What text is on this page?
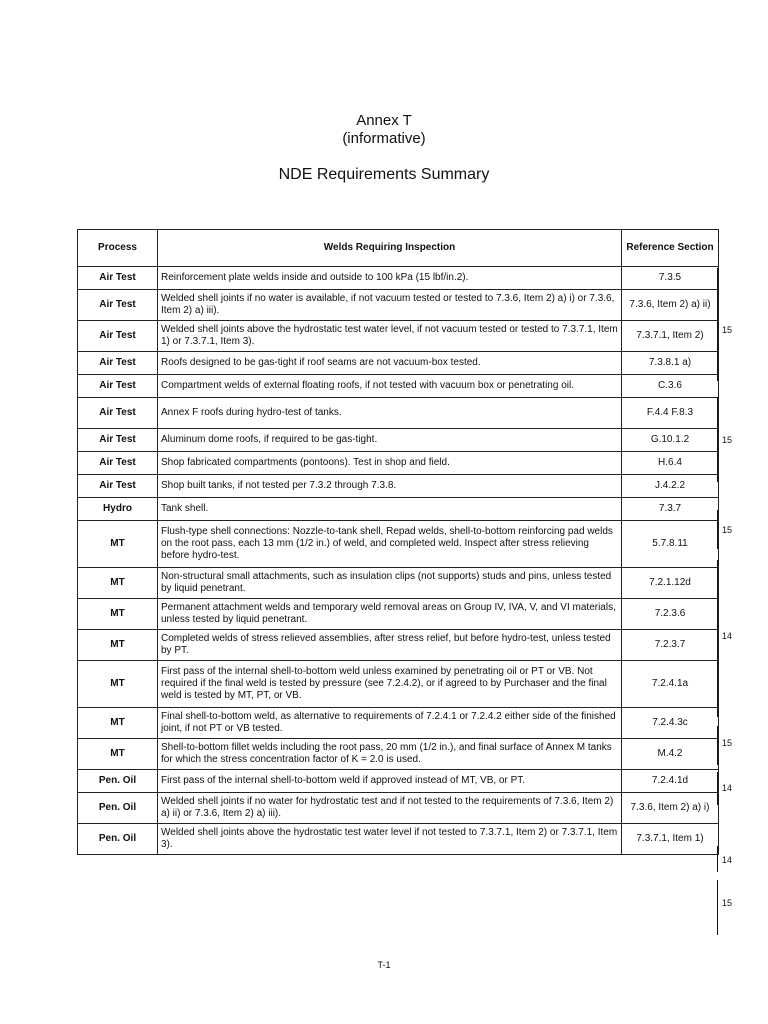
Annex T
(informative)
NDE Requirements Summary
Process	Welds Requiring Inspection	Reference Section
Air Test	Reinforcement plate welds inside and outside to 100 kPa (15 lbf/in.2).	7.3.5
Air Test	Welded shell joints if no water is available, if not vacuum tested or tested to 7.3.6, Item 2) a) i) or 7.3.6, Item 2) a) iii).	7.3.6, Item 2) a) ii)
Air Test	Welded shell joints above the hydrostatic test water level, if not vacuum tested or tested to 7.3.7.1, Item 1) or 7.3.7.1, Item 3).	7.3.7.1, Item 2)
Air Test	Roofs designed to be gas-tight if roof seams are not vacuum-box tested.	7.3.8.1 a)
Air Test	Compartment welds of external floating roofs, if not tested with vacuum box or penetrating oil.	C.3.6
Air Test	Annex F roofs during hydro-test of tanks.	F.4.4 F.8.3
Air Test	Aluminum dome roofs, if required to be gas-tight.	G.10.1.2
Air Test	Shop fabricated compartments (pontoons). Test in shop and field.	H.6.4
Air Test	Shop built tanks, if not tested per 7.3.2 through 7.3.8.	J.4.2.2
Hydro	Tank shell.	7.3.7
MT	Flush-type shell connections: Nozzle-to-tank shell, Repad welds, shell-to-bottom reinforcing pad welds on the root pass, each 13 mm (1/2 in.) of weld, and completed weld. Inspect after stress relieving before hydro-test.	5.7.8.11
MT	Non-structural small attachments, such as insulation clips (not supports) studs and pins, unless tested by liquid penetrant.	7.2.1.12d
MT	Permanent attachment welds and temporary weld removal areas on Group IV, IVA, V, and VI materials, unless tested by liquid penetrant.	7.2.3.6
MT	Completed welds of stress relieved assemblies, after stress relief, but before hydro-test, unless tested by PT.	7.2.3.7
MT	First pass of the internal shell-to-bottom weld unless examined by penetrating oil or PT or VB. Not required if the final weld is tested by pressure (see 7.2.4.2), or if agreed to by Purchaser and the final weld is tested by MT, PT, or VB.	7.2.4.1a
MT	Final shell-to-bottom weld, as alternative to requirements of 7.2.4.1 or 7.2.4.2 either side of the finished joint, if not PT or VB tested.	7.2.4.3c
MT	Shell-to-bottom fillet welds including the root pass, 20 mm (1/2 in.), and final surface of Annex M tanks for which the stress concentration factor of K = 2.0 is used.	M.4.2
Pen. Oil	First pass of the internal shell-to-bottom weld if approved instead of MT, VB, or PT.	7.2.4.1d
Pen. Oil	Welded shell joints if no water for hydrostatic test and if not tested to the requirements of 7.3.6, Item 2) a) ii) or 7.3.6, Item 2) a) iii).	7.3.6, Item 2) a) i)
Pen. Oil	Welded shell joints above the hydrostatic test water level if not tested to 7.3.7.1, Item 2) or 7.3.7.1, Item 3).	7.3.7.1, Item 1)
15
15
15
14
15
14
14
15
T-1
